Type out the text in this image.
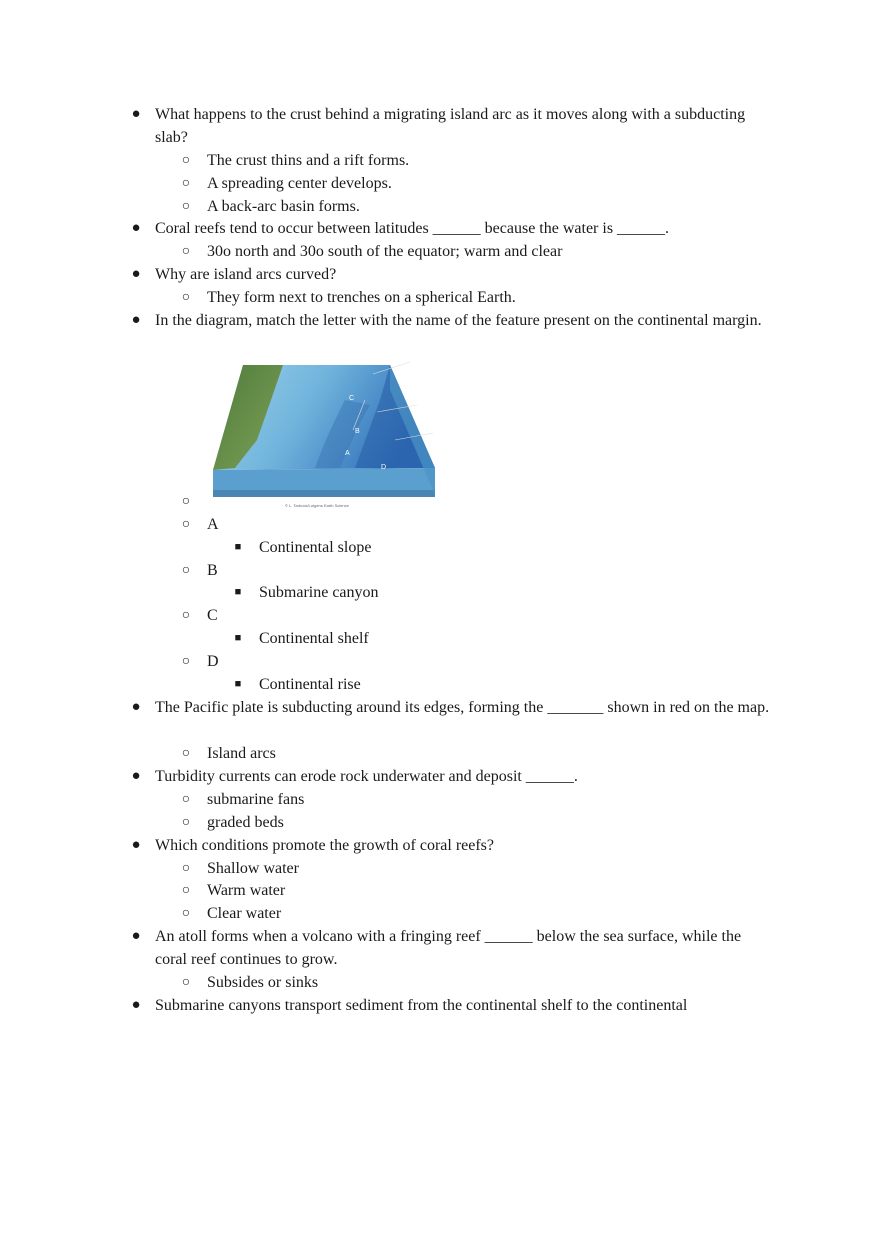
● What happens to the crust behind a migrating island arc as it moves along with a subducting slab?
○ The crust thins and a rift forms.
○ A spreading center develops.
○ A back-arc basin forms.
● Coral reefs tend to occur between latitudes ______ because the water is ______.
○ 30o north and 30o south of the equator; warm and clear
● Why are island arcs curved?
○ They form next to trenches on a spherical Earth.
● In the diagram, match the letter with the name of the feature present on the continental margin.
○
A
B
C
D
© L. Tarbuck/Lutgens Earth Science
○ A
■ Continental slope
○ B
■ Submarine canyon
○ C
■ Continental shelf
○ D
■ Continental rise
● The Pacific plate is subducting around its edges, forming the _______ shown in red on the map.
○ Island arcs
● Turbidity currents can erode rock underwater and deposit ______.
○ submarine fans
○ graded beds
● Which conditions promote the growth of coral reefs?
○ Shallow water
○ Warm water
○ Clear water
● An atoll forms when a volcano with a fringing reef ______ below the sea surface, while the coral reef continues to grow.
○ Subsides or sinks
● Submarine canyons transport sediment from the continental shelf to the continental
